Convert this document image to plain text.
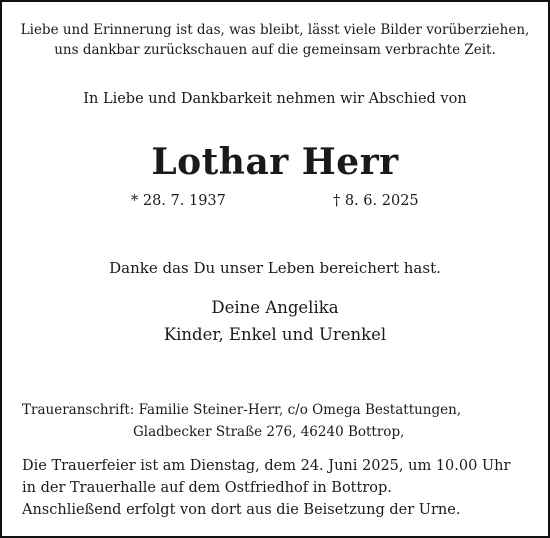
Liebe und Erinnerung ist das, was bleibt, lässt viele Bilder vorüberziehen,
uns dankbar zurückschauen auf die gemeinsam verbrachte Zeit.
In Liebe und Dankbarkeit nehmen wir Abschied von
Lothar Herr
* 28. 7. 1937	† 8. 6. 2025
Danke das Du unser Leben bereichert hast.
Deine Angelika
Kinder, Enkel und Urenkel
Traueranschrift: Familie Steiner-Herr, c/o Omega Bestattungen,
Gladbecker Straße 276, 46240 Bottrop,
Die Trauerfeier ist am Dienstag, dem 24. Juni 2025, um 10.00 Uhr
in der Trauerhalle auf dem Ostfriedhof in Bottrop.
Anschließend erfolgt von dort aus die Beisetzung der Urne.
